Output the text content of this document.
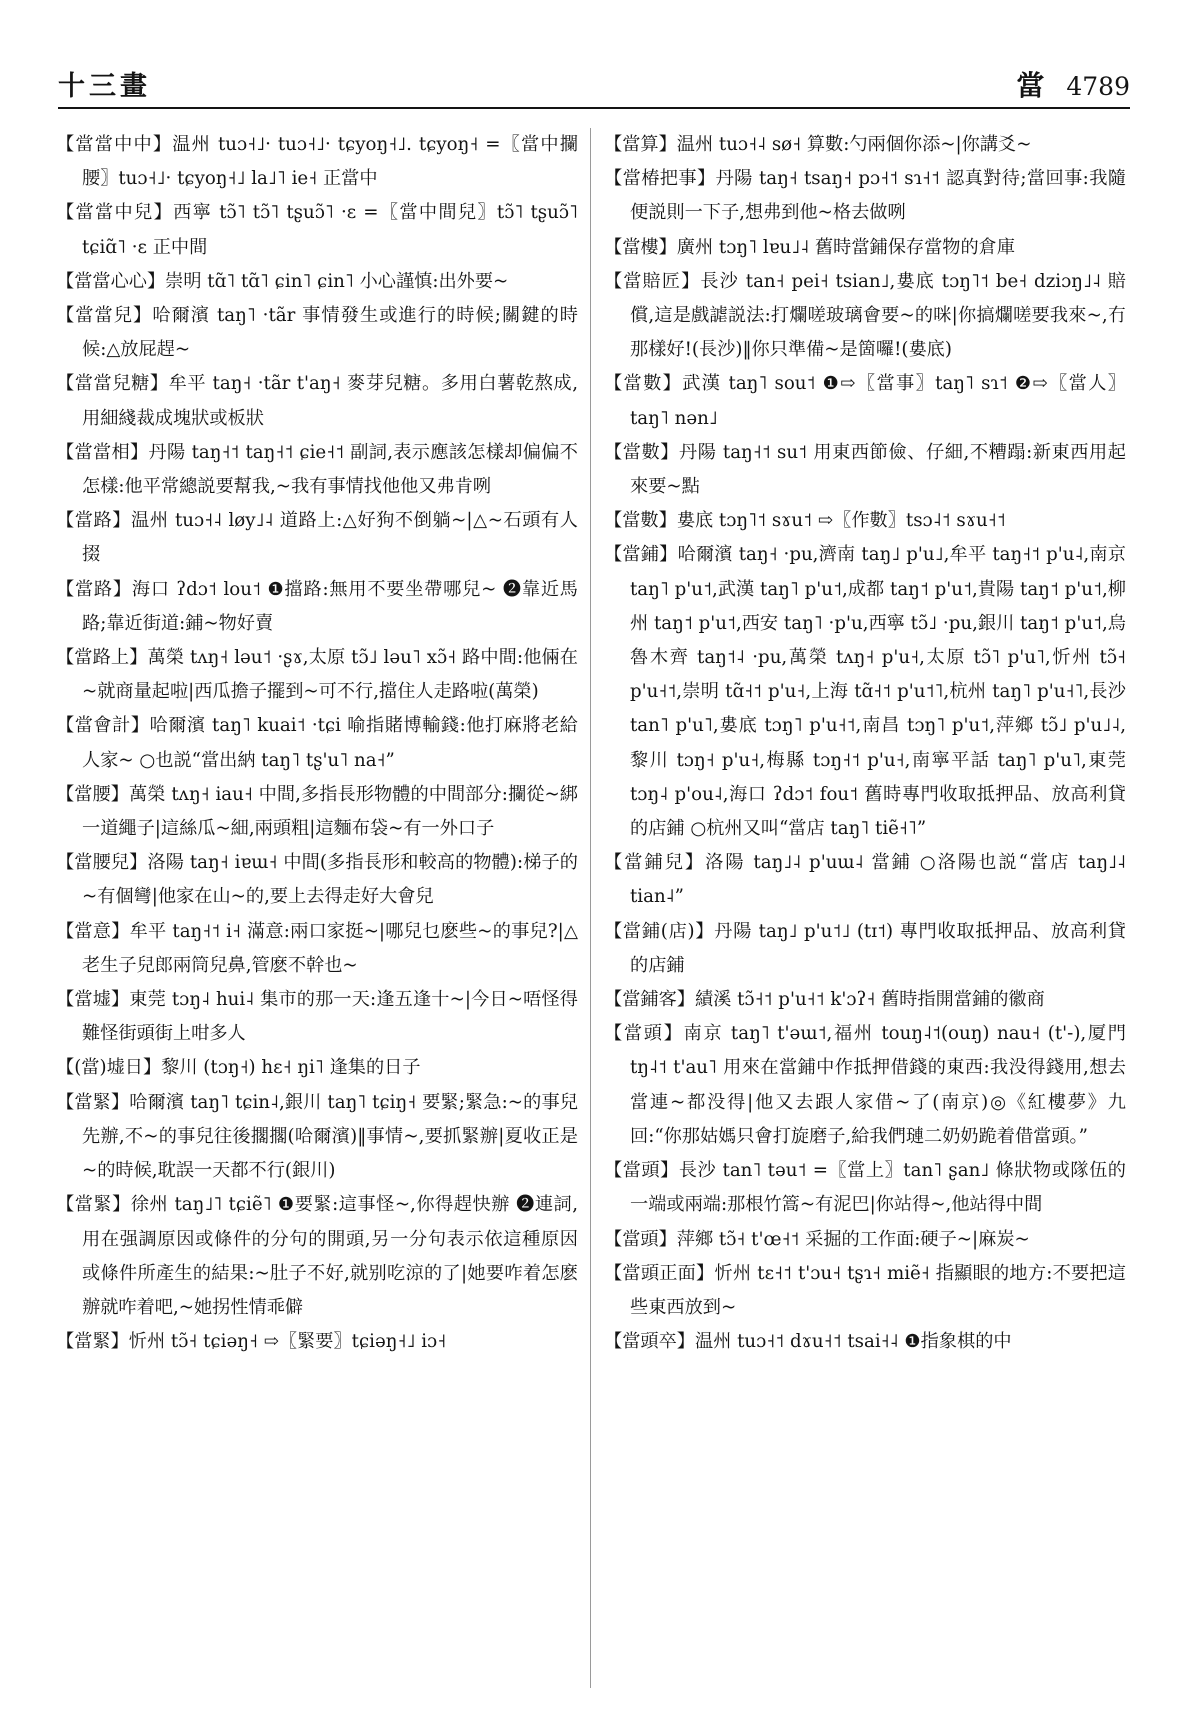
十三畫	當 4789

【當當中中】温州 tuɔ˧˩· tuɔ˧˩· tɕyoŋ˧˩. tɕyoŋ˧ =〖當中攔腰〗tuɔ˧˩· tɕyoŋ˧˩ la˩˥ ie˧ 正當中

【當當中兒】西寧 tɔ̃˥ tɔ̃˥ tʂuɔ̃˥ ·ɛ =〖當中間兒〗tɔ̃˥ tʂuɔ̃˥ tɕiɑ̃˥ ·ɛ 正中間

【當當心心】崇明 tɑ̃˥ tɑ̃˥ ɕin˥ ɕin˥ 小心謹慎:出外要~

【當當兒】哈爾濱 taŋ˥ ·tãr 事情發生或進行的時候;關鍵的時候:△放屁趕~

【當當兒糖】牟平 taŋ˧ ·tãr t'aŋ˧ 麥芽兒糖。多用白薯乾熬成,用細綫裁成塊狀或板狀

【當當相】丹陽 taŋ˧˦ taŋ˧˦ ɕie˧˦ 副詞,表示應該怎樣却偏偏不怎樣:他平常總説要幫我,~我有事情找他他又弗肯咧

【當路】温州 tuɔ˧˨ løy˩˨ 道路上:△好狗不倒躺~|△~石頭有人掇

【當路】海口 ʔdɔ˦ lou˦ ❶擋路:無用不要坐帶哪兒~ ❷靠近馬路;靠近街道:鋪~物好賣

【當路上】萬榮 tʌŋ˧ ləu˦ ·ʂɤ,太原 tɔ̃˩ ləu˥ xɔ̃˧ 路中間:他倆在~就商量起啦|西瓜擔子擺到~可不行,擋住人走路啦(萬榮)

【當會計】哈爾濱 taŋ˥ kuai˦ ·tɕi 喻指賭博輸錢:他打麻將老給人家~ ○也説“當出納 taŋ˥ tʂ'u˥ na˧”

【當腰】萬榮 tʌŋ˧ iau˧ 中間,多指長形物體的中間部分:攔從~綁一道繩子|這絲瓜~細,兩頭粗|這麵布袋~有一外口子

【當腰兒】洛陽 taŋ˧ iɐɯ˧ 中間(多指長形和較高的物體):梯子的~有個彎|他家在山~的,要上去得走好大會兒

【當意】牟平 taŋ˧˦ i˧ 滿意:兩口家挺~|哪兒乜麽些~的事兒?|△老生子兒郎兩筒兒鼻,管麽不幹也~

【當墟】東莞 tɔŋ˨ hui˨ 集市的那一天:逢五逢十~|今日~唔怪得難怪街頭街上咁多人

【(當)墟日】黎川 (tɔŋ˧) hɛ˧ ŋi˥ 逢集的日子

【當緊】哈爾濱 taŋ˥ tɕin˨,銀川 taŋ˥ tɕiŋ˧ 要緊;緊急:~的事兒先辦,不~的事兒往後擱擱(哈爾濱)‖事情~,要抓緊辦|夏收正是~的時候,耽誤一天都不行(銀川)

【當緊】徐州 taŋ˩˥ tɕiẽ˥ ❶要緊:這事怪~,你得趕快辦 ❷連詞,用在强調原因或條件的分句的開頭,另一分句表示依這種原因或條件所產生的結果:~肚子不好,就别吃涼的了|她要咋着怎麽辦就咋着吧,~她拐性情乖僻

【當緊】忻州 tɔ̃˧ tɕiəŋ˧ ⇨〖緊要〗tɕiəŋ˧˩ iɔ˧

【當算】温州 tuɔ˧˨ sø˧ 算數:勺兩個你添~|你講爻~

【當椿把事】丹陽 taŋ˧ tsaŋ˧ pɔ˧˦ sɿ˧˦ 認真對待;當回事:我隨便説則一下子,想弗到他~格去做咧

【當樓】廣州 tɔŋ˥ lɐu˩˨ 舊時當鋪保存當物的倉庫

【當賠匠】長沙 tan˧ pei˧ tsian˩,婁底 tɔŋ˥˦ be˧ dziɔŋ˩˨ 賠償,這是戲謔説法:打爛嗟玻璃會要~的咪|你搞爛嗟要我來~,冇那樣好!(長沙)‖你只準備~是箇囉!(婁底)

【當數】武漢 taŋ˥ sou˦ ❶⇨〖當事〗taŋ˥ sɿ˦ ❷⇨〖當人〗taŋ˥ nən˩

【當數】丹陽 taŋ˧˦ su˦ 用東西節儉、仔細,不糟蹋:新東西用起來要~點

【當數】婁底 tɔŋ˥˦ sɤu˦ ⇨〖作數〗tsɔ˨˦ sɤu˧˦

【當鋪】哈爾濱 taŋ˧ ·pu,濟南 taŋ˩ p'u˩,牟平 taŋ˧˦ p'u˨,南京 taŋ˥ p'u˦,武漢 taŋ˥ p'u˦,成都 taŋ˦ p'u˦,貴陽 taŋ˦ p'u˦,柳州 taŋ˦ p'u˦,西安 taŋ˥ ·p'u,西寧 tɔ̃˩ ·pu,銀川 taŋ˦ p'u˦,烏魯木齊 taŋ˦˨ ·pu,萬榮 tʌŋ˧ p'u˧,太原 tɔ̃˥ p'u˥,忻州 tɔ̃˧ p'u˧˦,崇明 tɑ̃˧˦ p'u˧,上海 tɑ̃˧˦ p'u˦˥,杭州 taŋ˥ p'u˧˥,長沙 tan˥ p'u˥,婁底 tɔŋ˥ p'u˧˦,南昌 tɔŋ˥ p'u˦,萍鄉 tɔ̃˩ p'u˩˨,黎川 tɔŋ˧ p'u˧,梅縣 tɔŋ˧˦ p'u˧,南寧平話 taŋ˥ p'u˥,東莞 tɔŋ˨ p'ou˨,海口 ʔdɔ˦ fou˦ 舊時專門收取抵押品、放高利貸的店鋪 ○杭州又叫“當店 taŋ˥ tiẽ˧˥”

【當鋪兒】洛陽 taŋ˩˨ p'uɯ˨ 當鋪 ○洛陽也説“當店 taŋ˩˨ tian˨”

【當鋪(店)】丹陽 taŋ˩ p'u˦˩ (tɪ˦) 專門收取抵押品、放高利貸的店鋪

【當鋪客】績溪 tɔ̃˧˦ p'u˧˦ k'ɔʔ˧ 舊時指開當鋪的徽商

【當頭】南京 taŋ˥ t'əɯ˦,福州 touŋ˨˦(ouŋ) nau˧ (t'-),厦門 tŋ˨˦ t'au˥ 用來在當鋪中作抵押借錢的東西:我没得錢用,想去當連~都没得|他又去跟人家借~了(南京)◎《紅樓夢》九回:“你那姑媽只會打旋磨子,給我們璉二奶奶跪着借當頭。”

【當頭】長沙 tan˥ təu˦ =〖當上〗tan˥ ʂan˩ 條狀物或隊伍的一端或兩端:那根竹篙~有泥巴|你站得~,他站得中間

【當頭】萍鄉 tɔ̃˧ t'œ˧˦ 采掘的工作面:硬子~|麻炭~

【當頭正面】忻州 tɛ˧˦ t'ɔu˧ tʂɿ˧ miẽ˧ 指顯眼的地方:不要把這些東西放到~

【當頭卒】温州 tuɔ˧˦ dɤu˧˦ tsai˧˨ ❶指象棋的中
